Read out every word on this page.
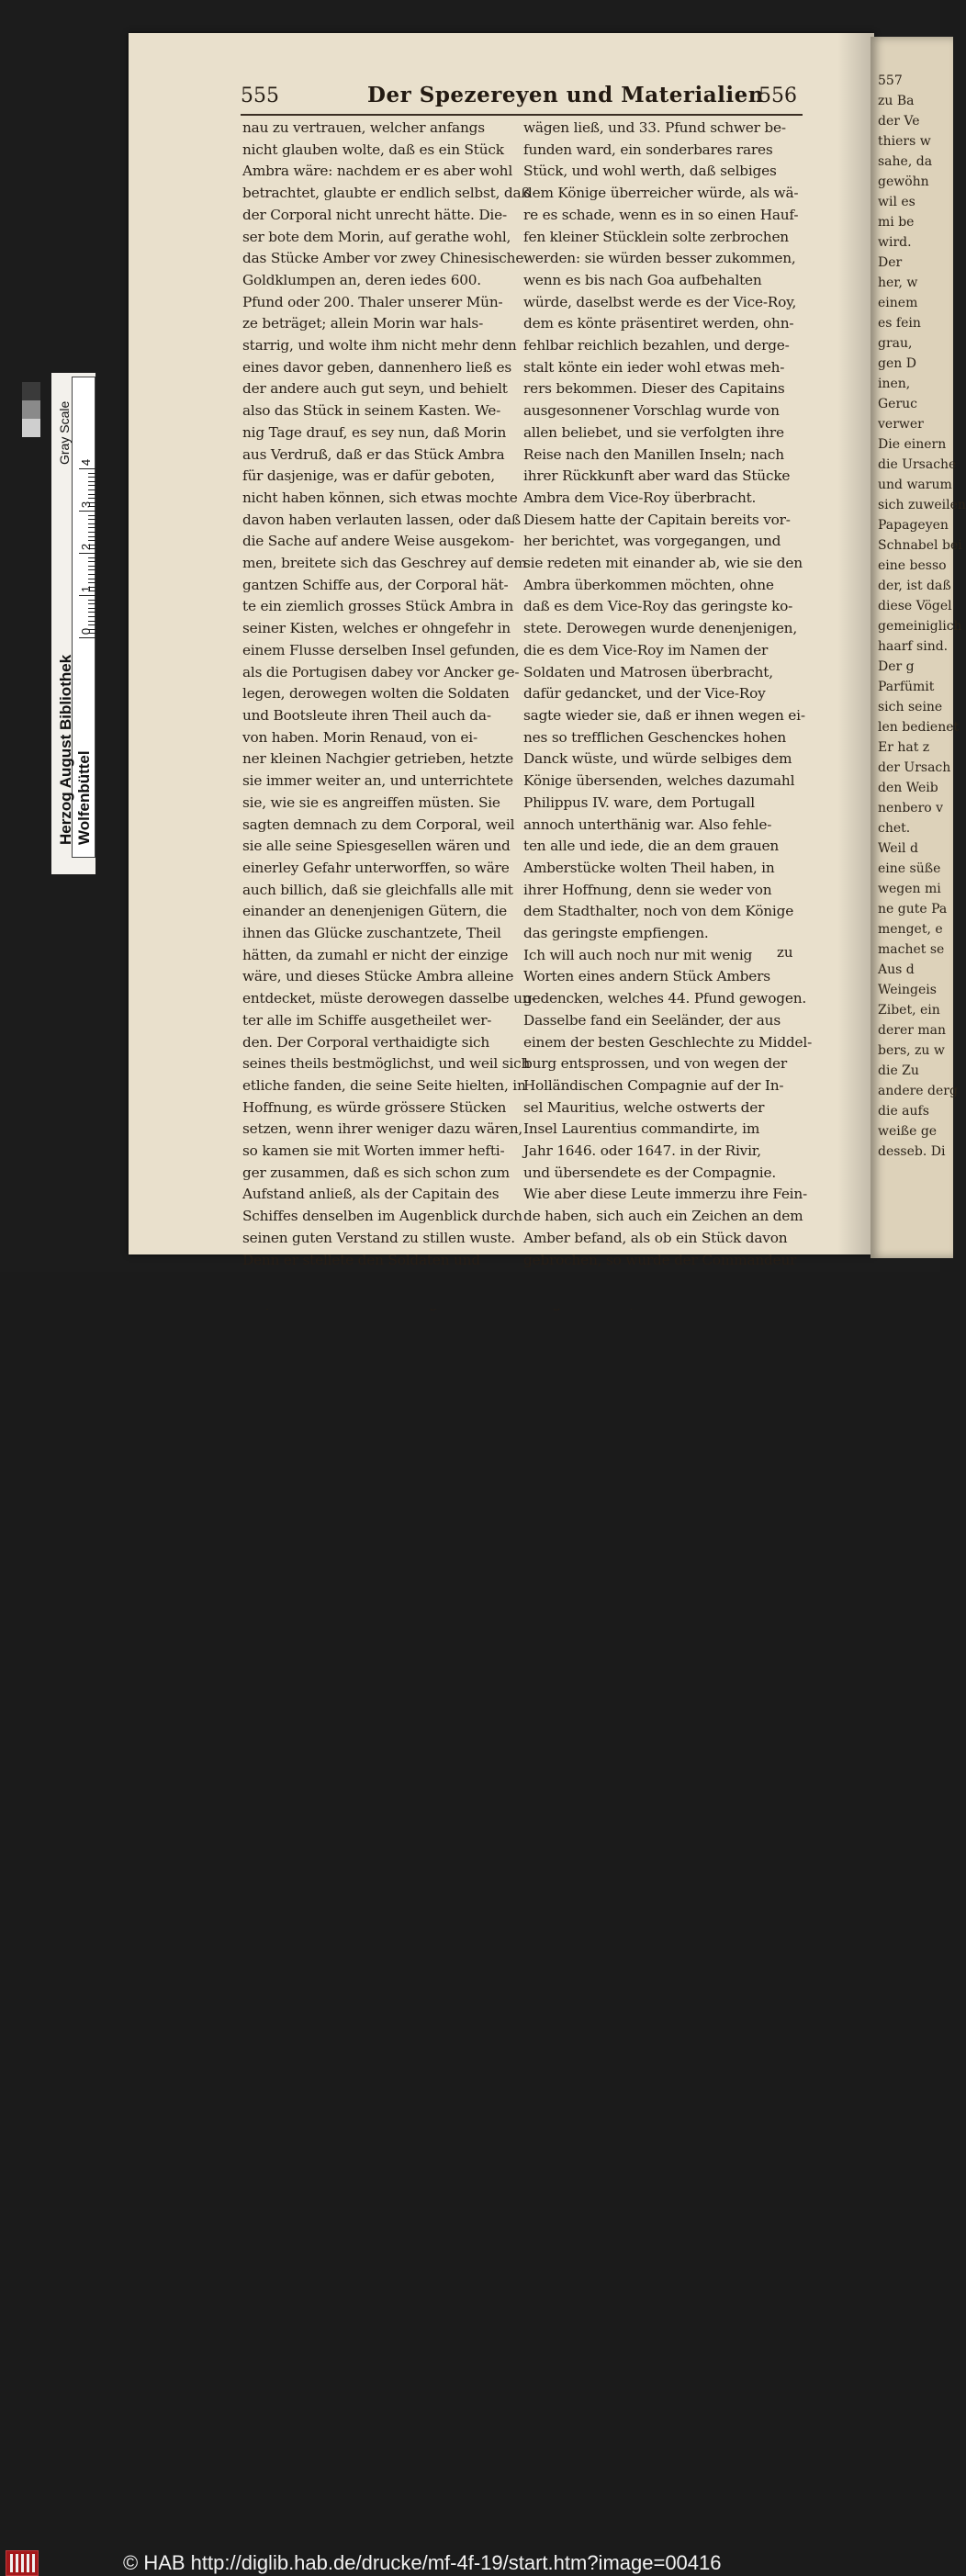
557
zu Ba
der Ve
thiers w
sahe, da
gewöhn
wil es
mi be
wird.
Der
her, w
einem
es fein
grau,
gen D
inen,
Geruc
verwer
Die einern
die Ursache
und warum
sich zuweilen
Papageyen
Schnabel bei
eine besso
der, ist daß
diese Vögel
gemeiniglich
haarf sind.
Der g
Parfümit
sich seine
len bedienet
Er hat z
der Ursach
den Weib
nenbero v
chet.
Weil d
eine süße
wegen mi
ne gute Pa
menget, e
machet se
Aus d
Weingeis
Zibet, ein
derer man
bers, zu w
die Zu
andere derg
die aufs
weiße ge
desseb. Di
555	Der Spezereyen und Materialien
556
nau zu vertrauen, welcher anfangs
nicht glauben wolte, daß es ein Stück
Ambra wäre: nachdem er es aber wohl
betrachtet, glaubte er endlich selbst, daß
der Corporal nicht unrecht hätte. Die-
ser bote dem Morin, auf gerathe wohl,
das Stücke Amber vor zwey Chinesische
Goldklumpen an, deren iedes 600.
Pfund oder 200. Thaler unserer Mün-
ze beträget; allein Morin war hals-
starrig, und wolte ihm nicht mehr denn
eines davor geben, dannenhero ließ es
der andere auch gut seyn, und behielt
also das Stück in seinem Kasten. We-
nig Tage drauf, es sey nun, daß Morin
aus Verdruß, daß er das Stück Ambra
für dasjenige, was er dafür geboten,
nicht haben können, sich etwas mochte
davon haben verlauten lassen, oder daß
die Sache auf andere Weise ausgekom-
men, breitete sich das Geschrey auf dem
gantzen Schiffe aus, der Corporal hät-
te ein ziemlich grosses Stück Ambra in
seiner Kisten, welches er ohngefehr in
einem Flusse derselben Insel gefunden,
als die Portugisen dabey vor Ancker ge-
legen, derowegen wolten die Soldaten
und Bootsleute ihren Theil auch da-
von haben. Morin Renaud, von ei-
ner kleinen Nachgier getrieben, hetzte
sie immer weiter an, und unterrichtete
sie, wie sie es angreiffen müsten. Sie
sagten demnach zu dem Corporal, weil
sie alle seine Spiesgesellen wären und
einerley Gefahr unterworffen, so wäre
auch billich, daß sie gleichfalls alle mit
einander an denenjenigen Gütern, die
ihnen das Glücke zuschantzete, Theil
hätten, da zumahl er nicht der einzige
wäre, und dieses Stücke Ambra alleine
entdecket, müste derowegen dasselbe un-
ter alle im Schiffe ausgetheilet wer-
den. Der Corporal verthaidigte sich
seines theils bestmöglichst, und weil sich
etliche fanden, die seine Seite hielten, in
Hoffnung, es würde grössere Stücken
setzen, wenn ihrer weniger dazu wären,
so kamen sie mit Worten immer hefti-
ger zusammen, daß es sich schon zum
Aufstand anließ, als der Capitain des
Schiffes denselben im Augenblick durch
seinen guten Verstand zu stillen wuste.
Denn er stellete den Soldaten und
wägen ließ, und 33. Pfund schwer be-
funden ward, ein sonderbares rares
Stück, und wohl werth, daß selbiges
dem Könige überreicher würde, als wä-
re es schade, wenn es in so einen Hauf-
fen kleiner Stücklein solte zerbrochen
werden: sie würden besser zukommen,
wenn es bis nach Goa aufbehalten
würde, daselbst werde es der Vice-Roy,
dem es könte präsentiret werden, ohn-
fehlbar reichlich bezahlen, und derge-
stalt könte ein ieder wohl etwas meh-
rers bekommen. Dieser des Capitains
ausgesonnener Vorschlag wurde von
allen beliebet, und sie verfolgten ihre
Reise nach den Manillen Inseln; nach
ihrer Rückkunft aber ward das Stücke
Ambra dem Vice-Roy überbracht.
Diesem hatte der Capitain bereits vor-
her berichtet, was vorgegangen, und
sie redeten mit einander ab, wie sie den
Ambra überkommen möchten, ohne
daß es dem Vice-Roy das geringste ko-
stete. Derowegen wurde denenjenigen,
die es dem Vice-Roy im Namen der
Soldaten und Matrosen überbracht,
dafür gedancket, und der Vice-Roy
sagte wieder sie, daß er ihnen wegen ei-
nes so trefflichen Geschenckes hohen
Danck wüste, und würde selbiges dem
Könige übersenden, welches dazumahl
Philippus IV. ware, dem Portugall
annoch unterthänig war. Also fehle-
ten alle und iede, die an dem grauen
Amberstücke wolten Theil haben, in
ihrer Hoffnung, denn sie weder von
dem Stadthalter, noch von dem Könige
das geringste empfiengen.
Ich will auch noch nur mit wenig
Worten eines andern Stück Ambers
gedencken, welches 44. Pfund gewogen.
Dasselbe fand ein Seeländer, der aus
einem der besten Geschlechte zu Middel-
burg entsprossen, und von wegen der
Holländischen Compagnie auf der In-
sel Mauritius, welche ostwerts der
Insel Laurentius commandirte, im
Jahr 1646. oder 1647. in der Rivir,
und übersendete es der Compagnie.
Wie aber diese Leute immerzu ihre Fein-
de haben, sich auch ein Zeichen an dem
Amber befand, als ob ein Stück davon
gebrochen, so wurde der Commandeur
zu
Gray Scale
0
1
2
3
4
Herzog August Bibliothek Wolfenbüttel
© HAB http://diglib.hab.de/drucke/mf-4f-19/start.htm?image=00416
